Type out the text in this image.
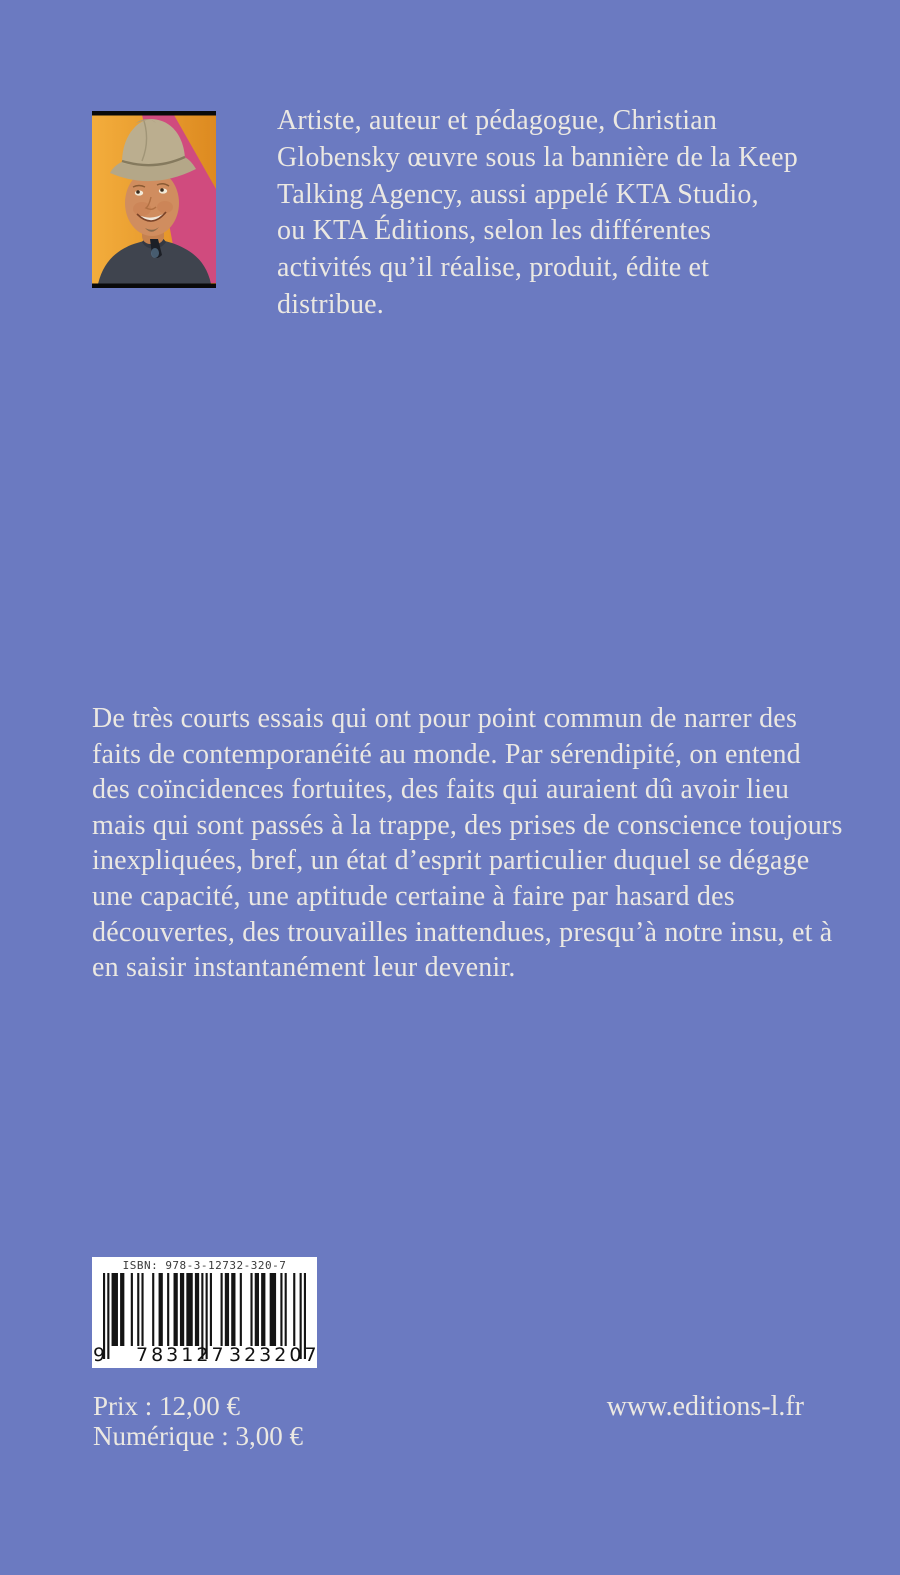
Artiste, auteur et pédagogue, Christian
Globensky œuvre sous la bannière de la Keep
Talking Agency, aussi appelé KTA Studio,
ou KTA Éditions, selon les différentes
activités qu’il réalise, produit, édite et
distribue.
De très courts essais qui ont pour point commun de narrer des
faits de contemporanéité au monde. Par sérendipité, on entend
des coïncidences fortuites, des faits qui auraient dû avoir lieu
mais qui sont passés à la trappe, des prises de conscience toujours
inexpliquées, bref, un état d’esprit particulier duquel se dégage
une capacité, une aptitude certaine à faire par hasard des
découvertes, des trouvailles inattendues, presqu’à notre insu, et à
en saisir instantanément leur devenir.
ISBN: 978-3-12732-320-7
9 783127 323207
Prix : 12,00 €
Numérique : 3,00 €
www.editions-l.fr
